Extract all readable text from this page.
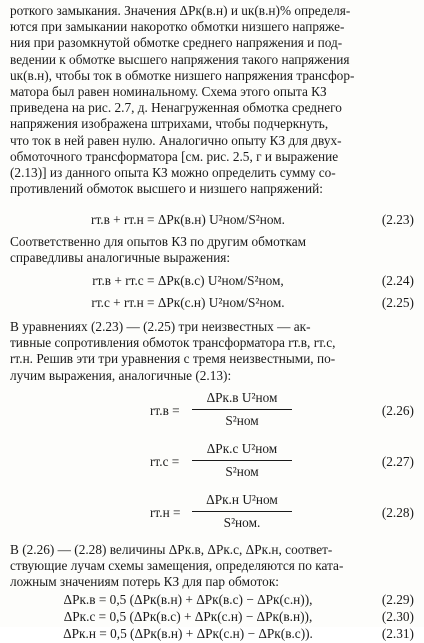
роткого замыкания. Значения ΔPк(в.н) и uк(в.н)% определя-
ются при замыкании накоротко обмотки низшего напряже-
ния при разомкнутой обмотке среднего напряжения и под-
ведении к обмотке высшего напряжения такого напряжения
uк(в.н), чтобы ток в обмотке низшего напряжения трансфор-
матора был равен номинальному. Схема этого опыта КЗ
приведена на рис. 2.7, д. Ненагруженная обмотка среднего
напряжения изображена штрихами, чтобы подчеркнуть,
что ток в ней равен нулю. Аналогично опыту КЗ для двух-
обмоточного трансформатора [см. рис. 2.5, г и выражение
(2.13)] из данного опыта КЗ можно определить сумму со-
противлений обмоток высшего и низшего напряжений:
rт.в + rт.н = ΔPк(в.н) U²ном/S²ном.	(2.23)
Соответственно для опытов КЗ по другим обмоткам
справедливы аналогичные выражения:
rт.в + rт.с = ΔPк(в.с) U²ном/S²ном,	(2.24)
rт.с + rт.н = ΔPк(с.н) U²ном/S²ном.	(2.25)
В уравнениях (2.23) — (2.25) три неизвестных — ак-
тивные сопротивления обмоток трансформатора rт.в, rт.с,
rт.н. Решив эти три уравнения с тремя неизвестными, по-
лучим выражения, аналогичные (2.13):
rт.в =
ΔPк.в U²ном
S²ном
(2.26)
rт.с =
ΔPк.с U²ном
S²ном
(2.27)
rт.н =
ΔPк.н U²ном
S²ном.
(2.28)
В (2.26) — (2.28) величины ΔPк.в, ΔPк.с, ΔPк.н, соответ-
ствующие лучам схемы замещения, определяются по ката-
ложным значениям потерь КЗ для пар обмоток:
ΔPк.в = 0,5 (ΔPк(в.н) + ΔPк(в.с) − ΔPк(с.н)),	(2.29)
ΔPк.с = 0,5 (ΔPк(в.с) + ΔPк(с.н) − ΔPк(в.н)),	(2.30)
ΔPк.н = 0,5 (ΔPк(в.н) + ΔPк(с.н) − ΔPк(в.с)).	(2.31)
